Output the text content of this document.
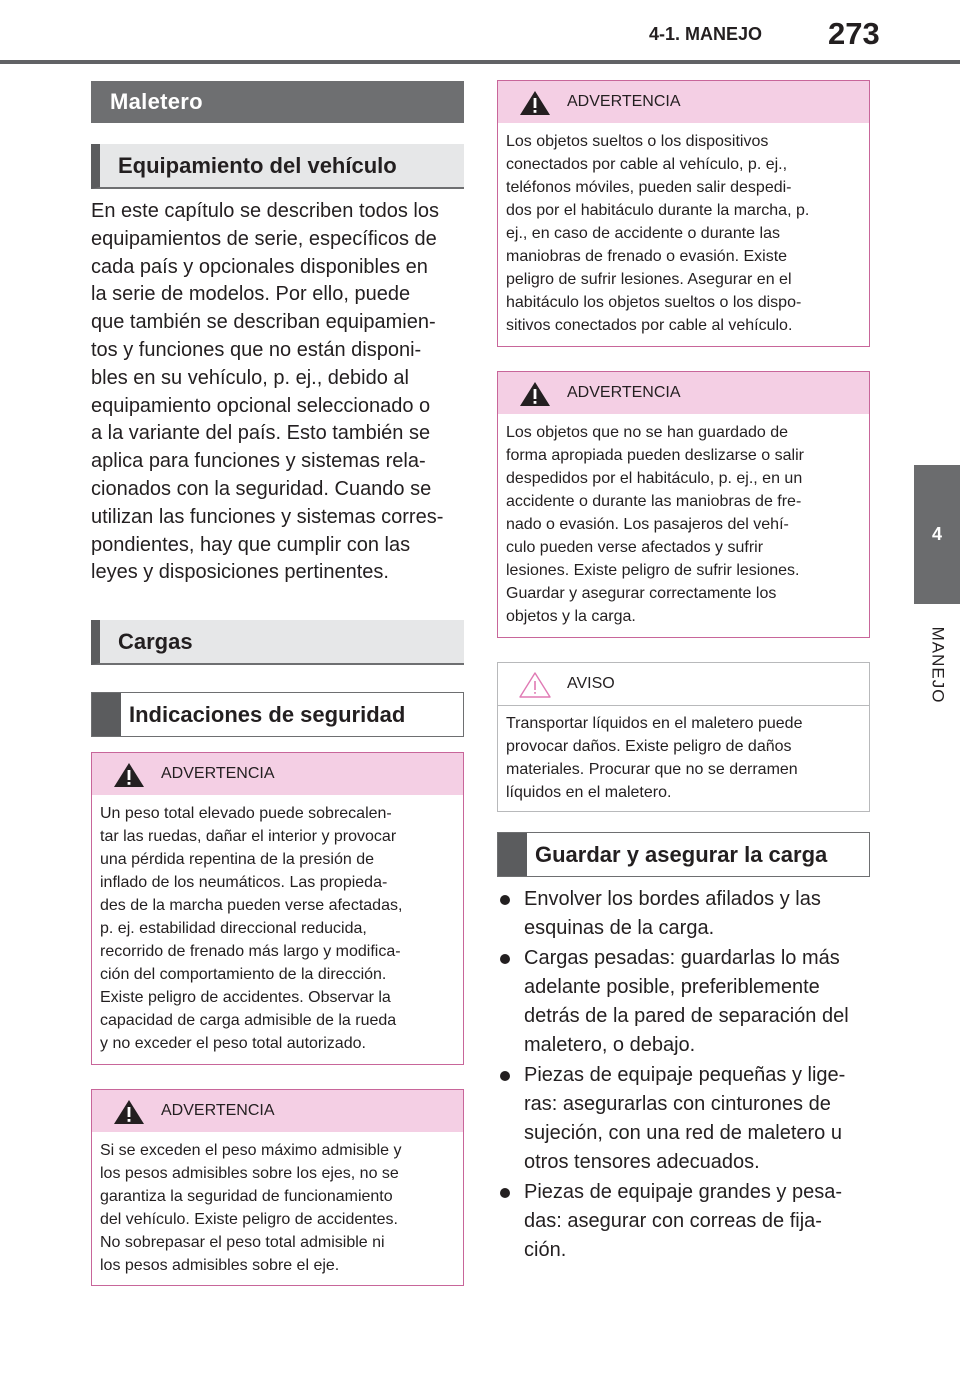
4-1. MANEJO 273
4
MANEJO
Maletero
Equipamiento del vehículo
En este capítulo se describen todos los
equipamientos de serie, específicos de
cada país y opcionales disponibles en
la serie de modelos. Por ello, puede
que también se describan equipamien-
tos y funciones que no están disponi-
bles en su vehículo, p. ej., debido al
equipamiento opcional seleccionado o
a la variante del país. Esto también se
aplica para funciones y sistemas rela-
cionados con la seguridad. Cuando se
utilizan las funciones y sistemas corres-
pondientes, hay que cumplir con las
leyes y disposiciones pertinentes.
Cargas
Indicaciones de seguridad
ADVERTENCIA
Un peso total elevado puede sobrecalen-
tar las ruedas, dañar el interior y provocar
una pérdida repentina de la presión de
inflado de los neumáticos. Las propieda-
des de la marcha pueden verse afectadas,
p. ej. estabilidad direccional reducida,
recorrido de frenado más largo y modifica-
ción del comportamiento de la dirección.
Existe peligro de accidentes. Observar la
capacidad de carga admisible de la rueda
y no exceder el peso total autorizado.
ADVERTENCIA
Si se exceden el peso máximo admisible y
los pesos admisibles sobre los ejes, no se
garantiza la seguridad de funcionamiento
del vehículo. Existe peligro de accidentes.
No sobrepasar el peso total admisible ni
los pesos admisibles sobre el eje.
ADVERTENCIA
Los objetos sueltos o los dispositivos
conectados por cable al vehículo, p. ej.,
teléfonos móviles, pueden salir despedi-
dos por el habitáculo durante la marcha, p.
ej., en caso de accidente o durante las
maniobras de frenado o evasión. Existe
peligro de sufrir lesiones. Asegurar en el
habitáculo los objetos sueltos o los dispo-
sitivos conectados por cable al vehículo.
ADVERTENCIA
Los objetos que no se han guardado de
forma apropiada pueden deslizarse o salir
despedidos por el habitáculo, p. ej., en un
accidente o durante las maniobras de fre-
nado o evasión. Los pasajeros del vehí-
culo pueden verse afectados y sufrir
lesiones. Existe peligro de sufrir lesiones.
Guardar y asegurar correctamente los
objetos y la carga.
AVISO
Transportar líquidos en el maletero puede
provocar daños. Existe peligro de daños
materiales. Procurar que no se derramen
líquidos en el maletero.
Guardar y asegurar la carga
Envolver los bordes afilados y las
esquinas de la carga.
Cargas pesadas: guardarlas lo más
adelante posible, preferiblemente
detrás de la pared de separación del
maletero, o debajo.
Piezas de equipaje pequeñas y lige-
ras: asegurarlas con cinturones de
sujeción, con una red de maletero u
otros tensores adecuados.
Piezas de equipaje grandes y pesa-
das: asegurar con correas de fija-
ción.
